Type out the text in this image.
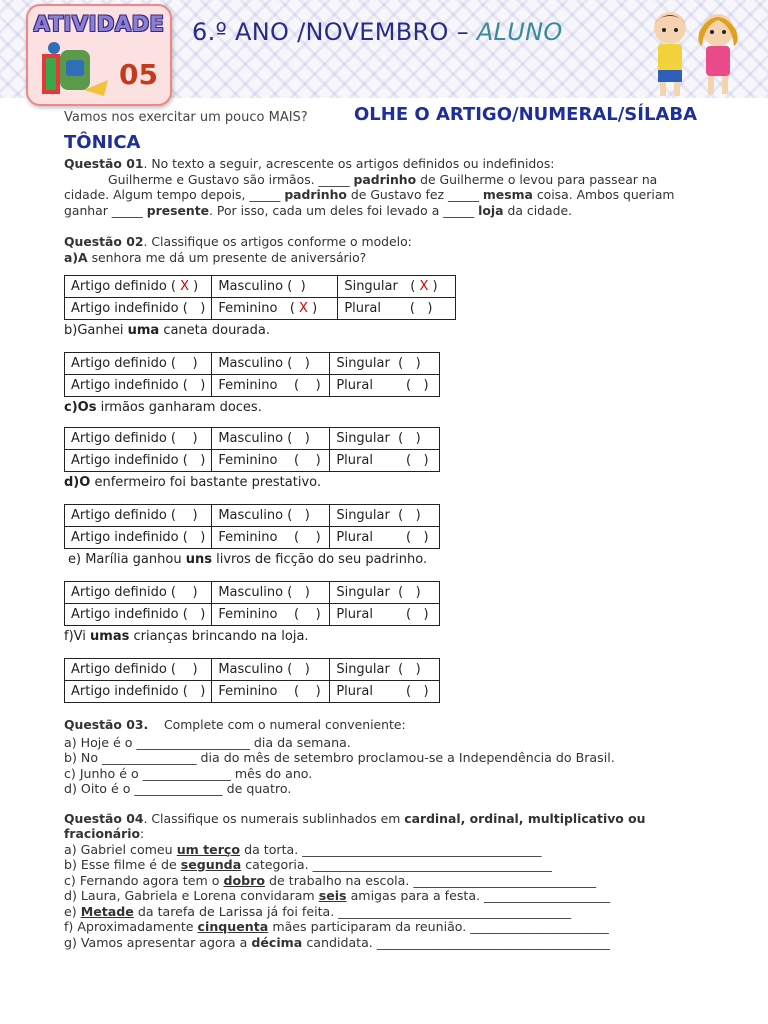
ATIVIDADE
05
6.º ANO /NOVEMBRO – ALUNO
Vamos nos exercitar um pouco MAIS?	OLHE O ARTIGO/NUMERAL/SÍLABA
TÔNICA
Questão 01. No texto a seguir, acrescente os artigos definidos ou indefinidos:
Guilherme e Gustavo são irmãos. _____ padrinho de Guilherme o levou para passear na
cidade. Algum tempo depois, _____ padrinho de Gustavo fez _____ mesma coisa. Ambos queriam
ganhar _____ presente. Por isso, cada um deles foi levado a _____ loja da cidade.
Questão 02. Classifique os artigos conforme o modelo:
a)A senhora me dá um presente de aniversário?
Artigo definido ( X )	Masculino ( )	Singular ( X )
Artigo indefinido ( )	Feminino ( X )	Plural ( )
b)Ganhei uma caneta dourada.
Artigo definido ( )	Masculino ( )	Singular ( )
Artigo indefinido ( )	Feminino ( )	Plural ( )
c)Os irmãos ganharam doces.
Artigo definido ( )	Masculino ( )	Singular ( )
Artigo indefinido ( )	Feminino ( )	Plural ( )
d)O enfermeiro foi bastante prestativo.
Artigo definido ( )	Masculino ( )	Singular ( )
Artigo indefinido ( )	Feminino ( )	Plural ( )
e) Marília ganhou uns livros de ficção do seu padrinho.
Artigo definido ( )	Masculino ( )	Singular ( )
Artigo indefinido ( )	Feminino ( )	Plural ( )
f)Vi umas crianças brincando na loja.
Artigo definido ( )	Masculino ( )	Singular ( )
Artigo indefinido ( )	Feminino ( )	Plural ( )
Questão 03. Complete com o numeral conveniente:
a) Hoje é o __________________ dia da semana.
b) No _______________ dia do mês de setembro proclamou-se a Independência do Brasil.
c) Junho é o ______________ mês do ano.
d) Oito é o ______________ de quatro.
Questão 04. Classifique os numerais sublinhados em cardinal, ordinal, multiplicativo ou
fracionário:
a) Gabriel comeu um terço da torta. ______________________________________
b) Esse filme é de segunda categoria. ______________________________________
c) Fernando agora tem o dobro de trabalho na escola. _____________________________
d) Laura, Gabriela e Lorena convidaram seis amigas para a festa. ____________________
e) Metade da tarefa de Larissa já foi feita. _____________________________________
f) Aproximadamente cinquenta mães participaram da reunião. ______________________
g) Vamos apresentar agora a décima candidata. _____________________________________
